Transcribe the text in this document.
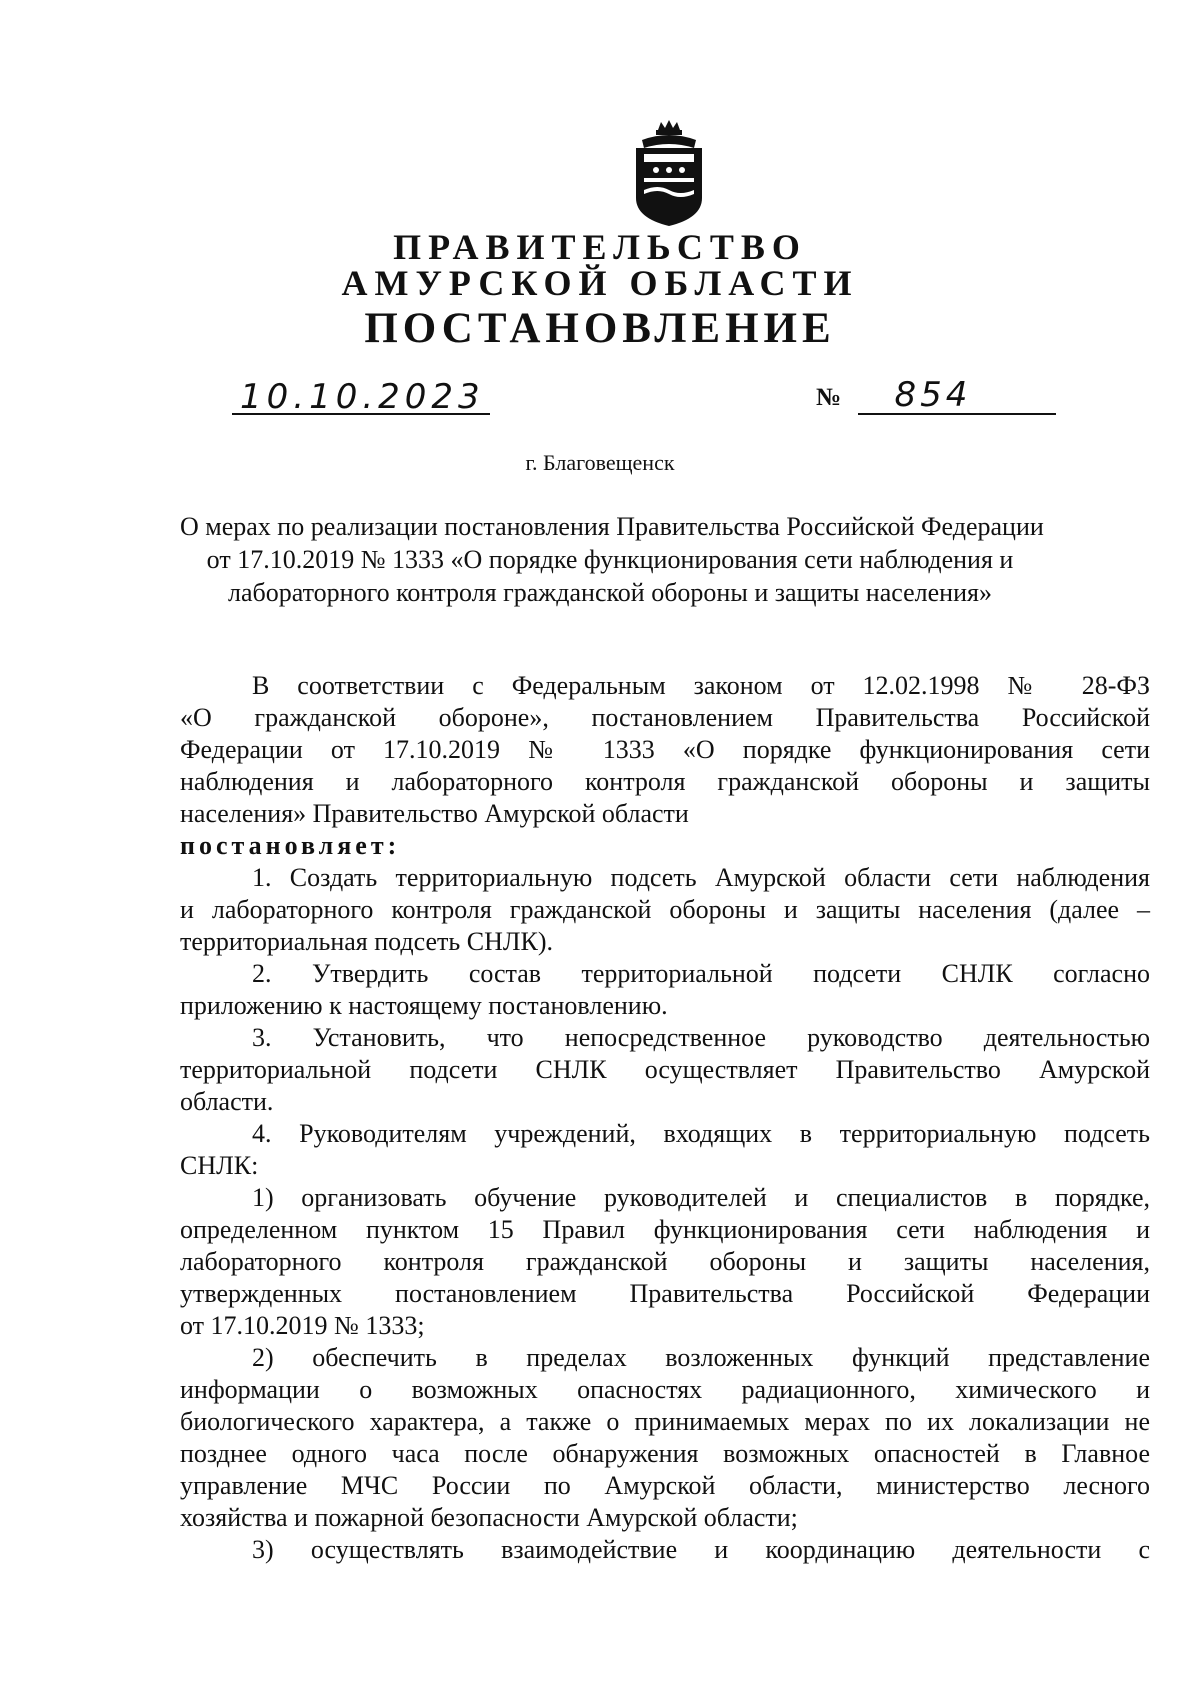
ПРАВИТЕЛЬСТВО
АМУРСКОЙ ОБЛАСТИ
ПОСТАНОВЛЕНИЕ
10.10.2023	№	854
г. Благовещенск
О мерах по реализации постановления Правительства Российской Федерации
от 17.10.2019 № 1333 «О порядке функционирования сети наблюдения и
лабораторного контроля гражданской обороны и защиты населения»
В соответствии с Федеральным законом от 12.02.1998 № 28-ФЗ
«О гражданской обороне», постановлением Правительства Российской
Федерации от 17.10.2019 № 1333 «О порядке функционирования сети
наблюдения и лабораторного контроля гражданской обороны и защиты
населения» Правительство Амурской области
постановляет:
1. Создать территориальную подсеть Амурской области сети наблюдения
и лабораторного контроля гражданской обороны и защиты населения (далее –
территориальная подсеть СНЛК).
2. Утвердить состав территориальной подсети СНЛК согласно
приложению к настоящему постановлению.
3. Установить, что непосредственное руководство деятельностью
территориальной подсети СНЛК осуществляет Правительство Амурской
области.
4. Руководителям учреждений, входящих в территориальную подсеть
СНЛК:
1) организовать обучение руководителей и специалистов в порядке,
определенном пунктом 15 Правил функционирования сети наблюдения и
лабораторного контроля гражданской обороны и защиты населения,
утвержденных постановлением Правительства Российской Федерации
от 17.10.2019 № 1333;
2) обеспечить в пределах возложенных функций представление
информации о возможных опасностях радиационного, химического и
биологического характера, а также о принимаемых мерах по их локализации не
позднее одного часа после обнаружения возможных опасностей в Главное
управление МЧС России по Амурской области, министерство лесного
хозяйства и пожарной безопасности Амурской области;
3) осуществлять взаимодействие и координацию деятельности с
